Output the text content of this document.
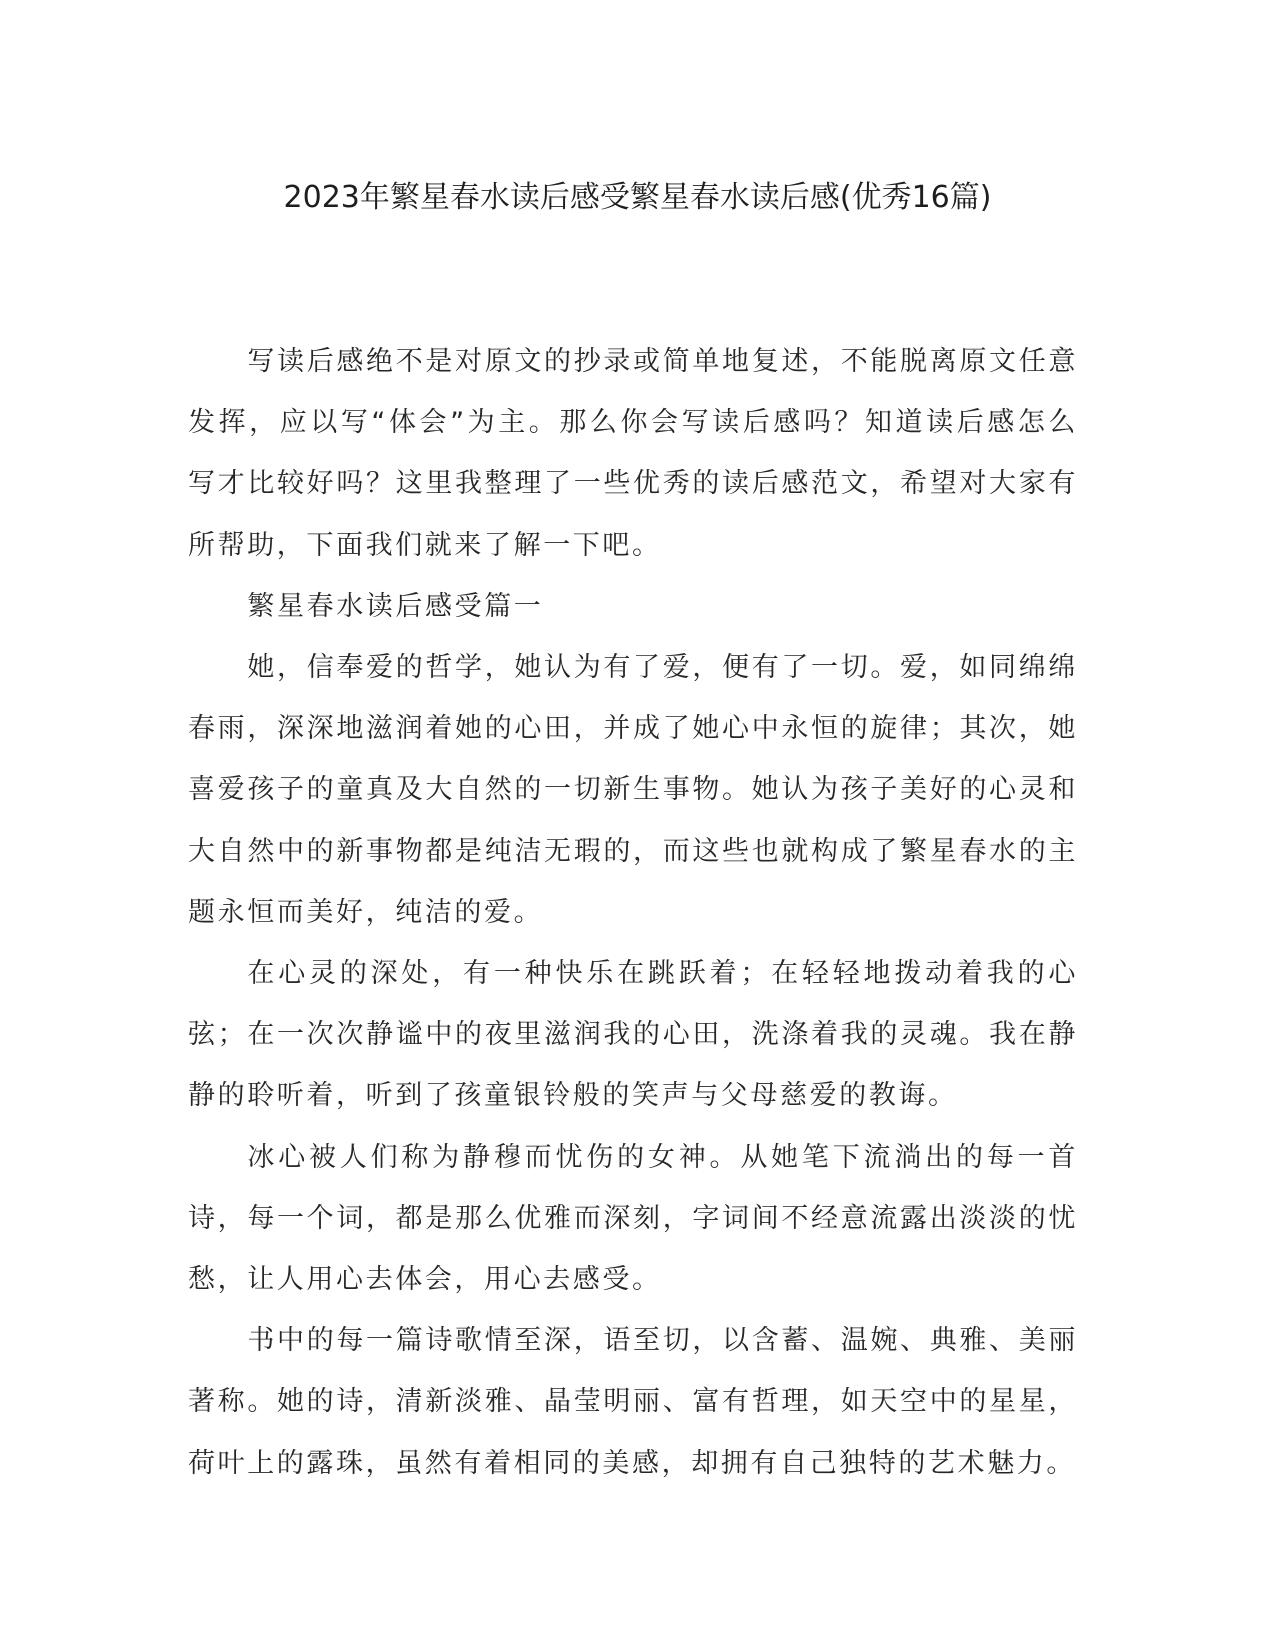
2023年繁星春水读后感受繁星春水读后感(优秀16篇)

写读后感绝不是对原文的抄录或简单地复述，不能脱离原文任意发挥，应以写“体会”为主。那么你会写读后感吗？知道读后感怎么写才比较好吗？这里我整理了一些优秀的读后感范文，希望对大家有所帮助，下面我们就来了解一下吧。

繁星春水读后感受篇一

她，信奉爱的哲学，她认为有了爱，便有了一切。爱，如同绵绵春雨，深深地滋润着她的心田，并成了她心中永恒的旋律；其次，她喜爱孩子的童真及大自然的一切新生事物。她认为孩子美好的心灵和大自然中的新事物都是纯洁无瑕的，而这些也就构成了繁星春水的主题永恒而美好，纯洁的爱。

在心灵的深处，有一种快乐在跳跃着；在轻轻地拨动着我的心弦；在一次次静谧中的夜里滋润我的心田，洗涤着我的灵魂。我在静静的聆听着，听到了孩童银铃般的笑声与父母慈爱的教诲。

冰心被人们称为静穆而忧伤的女神。从她笔下流淌出的每一首诗，每一个词，都是那么优雅而深刻，字词间不经意流露出淡淡的忧愁，让人用心去体会，用心去感受。

书中的每一篇诗歌情至深，语至切，以含蓄、温婉、典雅、美丽著称。她的诗，清新淡雅、晶莹明丽、富有哲理，如天空中的星星，荷叶上的露珠，虽然有着相同的美感，却拥有自己独特的艺术魅力。
